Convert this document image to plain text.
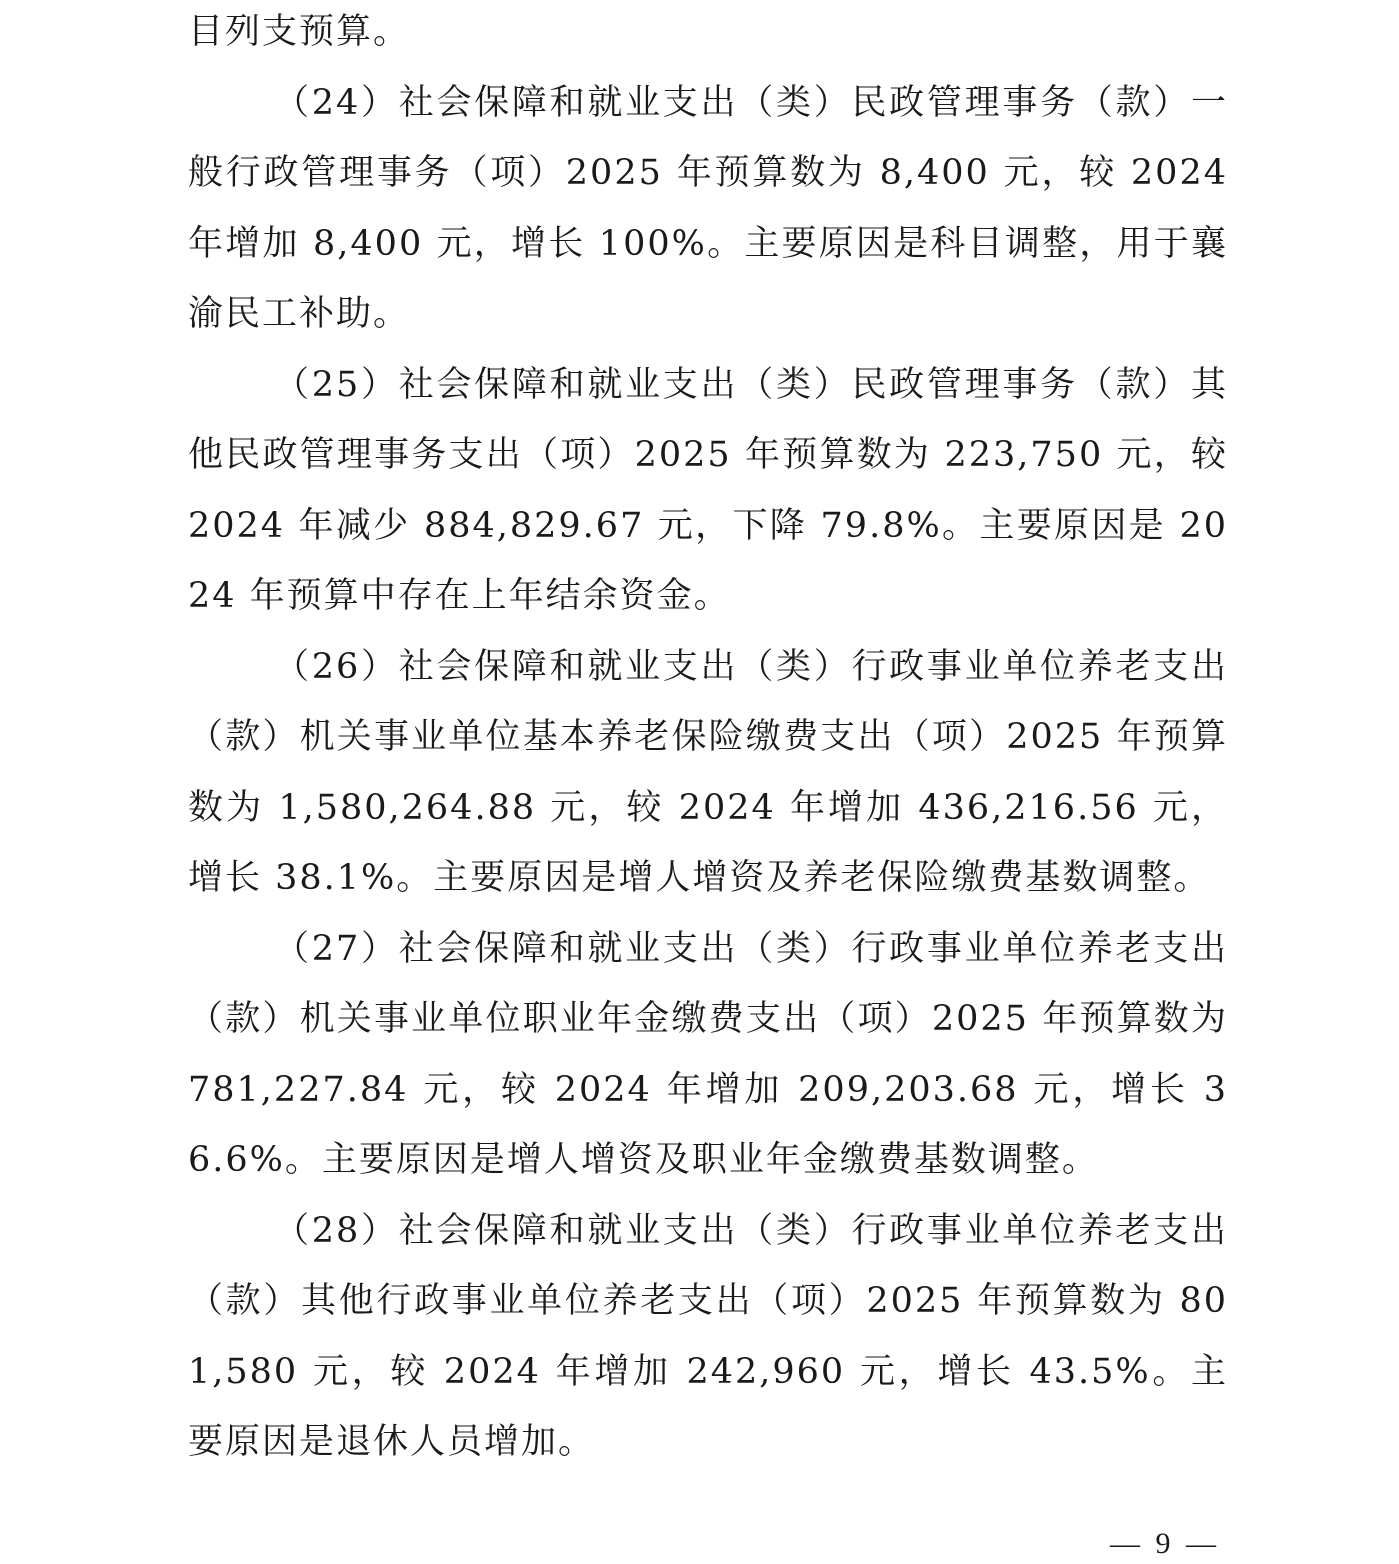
目列支预算。

（24）社会保障和就业支出（类）民政管理事务（款）一般行政管理事务（项）2025 年预算数为 8,400 元，较 2024 年增加 8,400 元，增长 100%。主要原因是科目调整，用于襄渝民工补助。

（25）社会保障和就业支出（类）民政管理事务（款）其他民政管理事务支出（项）2025 年预算数为 223,750 元，较 2024 年减少 884,829.67 元，下降 79.8%。主要原因是 2024 年预算中存在上年结余资金。

（26）社会保障和就业支出（类）行政事业单位养老支出（款）机关事业单位基本养老保险缴费支出（项）2025 年预算数为 1,580,264.88 元，较 2024 年增加 436,216.56 元，增长 38.1%。主要原因是增人增资及养老保险缴费基数调整。

（27）社会保障和就业支出（类）行政事业单位养老支出（款）机关事业单位职业年金缴费支出（项）2025 年预算数为 781,227.84 元，较 2024 年增加 209,203.68 元，增长 36.6%。主要原因是增人增资及职业年金缴费基数调整。

（28）社会保障和就业支出（类）行政事业单位养老支出（款）其他行政事业单位养老支出（项）2025 年预算数为 801,580 元，较 2024 年增加 242,960 元，增长 43.5%。主要原因是退休人员增加。

— 9 —
